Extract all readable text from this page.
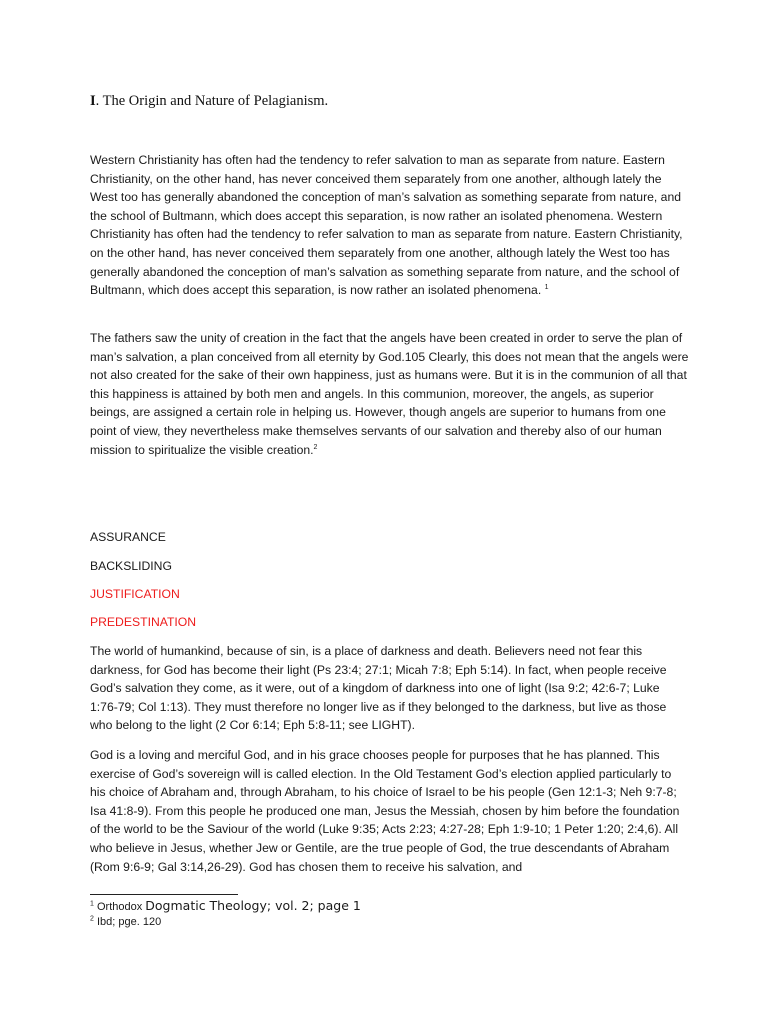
I. The Origin and Nature of Pelagianism.
Western Christianity has often had the tendency to refer salvation to man as separate from nature. Eastern Christianity, on the other hand, has never conceived them separately from one another, although lately the West too has generally abandoned the conception of man’s salvation as something separate from nature, and the school of Bultmann, which does accept this separation, is now rather an isolated phenomena. Western Christianity has often had the tendency to refer salvation to man as separate from nature. Eastern Christianity, on the other hand, has never conceived them separately from one another, although lately the West too has generally abandoned the conception of man’s salvation as something separate from nature, and the school of Bultmann, which does accept this separation, is now rather an isolated phenomena. $^1$
The fathers saw the unity of creation in the fact that the angels have been created in order to serve the plan of man’s salvation, a plan conceived from all eternity by God.105 Clearly, this does not mean that the angels were not also created for the sake of their own happiness, just as humans were. But it is in the communion of all that this happiness is attained by both men and angels. In this communion, moreover, the angels, as superior beings, are assigned a certain role in helping us. However, though angels are superior to humans from one point of view, they nevertheless make themselves servants of our salvation and thereby also of our human mission to spiritualize the visible creation.$^2$
ASSURANCE
BACKSLIDING
JUSTIFICATION
PREDESTINATION
The world of humankind, because of sin, is a place of darkness and death. Believers need not fear this darkness, for God has become their light (Ps 23:4; 27:1; Micah 7:8; Eph 5:14). In fact, when people receive God’s salvation they come, as it were, out of a kingdom of darkness into one of light (Isa 9:2; 42:6-7; Luke 1:76-79; Col 1:13). They must therefore no longer live as if they belonged to the darkness, but live as those who belong to the light (2 Cor 6:14; Eph 5:8-11; see LIGHT).
God is a loving and merciful God, and in his grace chooses people for purposes that he has planned. This exercise of God’s sovereign will is called election. In the Old Testament God’s election applied particularly to his choice of Abraham and, through Abraham, to his choice of Israel to be his people (Gen 12:1-3; Neh 9:7-8; Isa 41:8-9). From this people he produced one man, Jesus the Messiah, chosen by him before the foundation of the world to be the Saviour of the world (Luke 9:35; Acts 2:23; 4:27-28; Eph 1:9-10; 1 Peter 1:20; 2:4,6). All who believe in Jesus, whether Jew or Gentile, are the true people of God, the true descendants of Abraham (Rom 9:6-9; Gal 3:14,26-29). God has chosen them to receive his salvation, and
$^1$ Orthodox Dogmatic Theology; vol. 2; page 1
$^2$ Ibd; pge. 120
